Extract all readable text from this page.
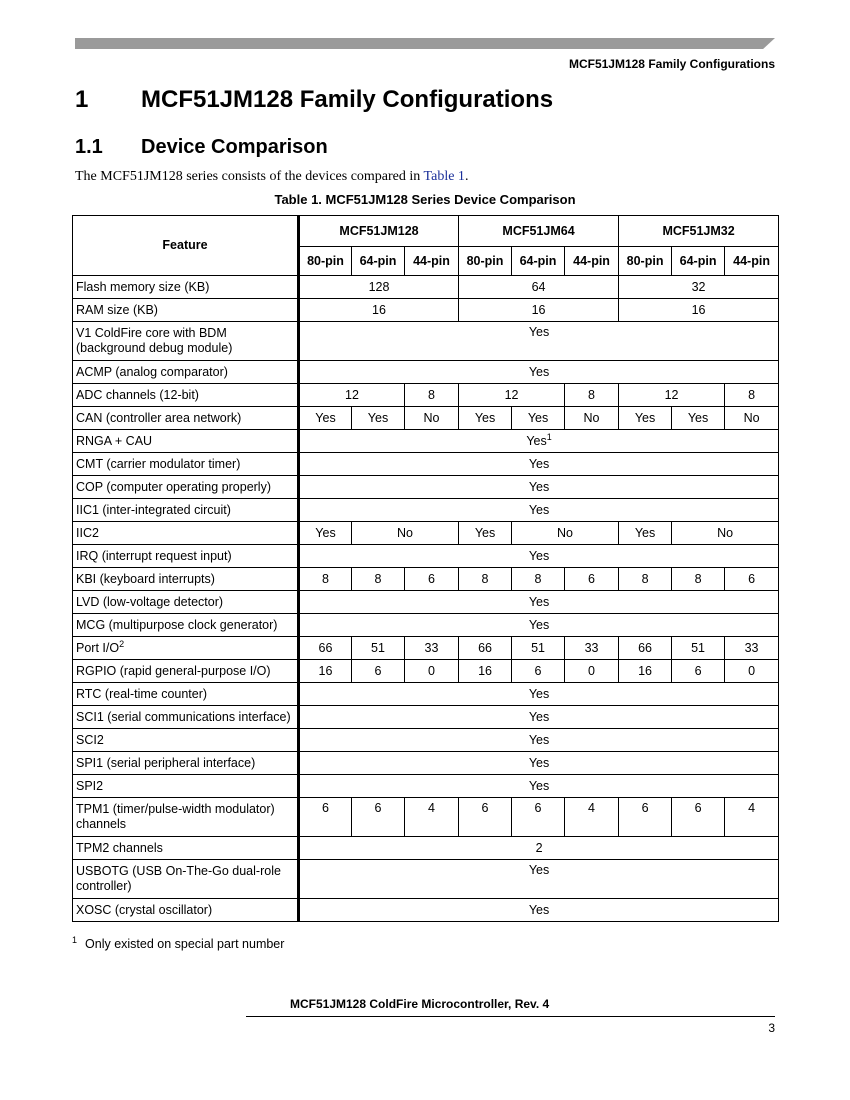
MCF51JM128 Family Configurations
1 MCF51JM128 Family Configurations
1.1 Device Comparison
The MCF51JM128 series consists of the devices compared in Table 1.
Table 1. MCF51JM128 Series Device Comparison
Feature	MCF51JM128			MCF51JM64			MCF51JM32		
	80-pin	64-pin	44-pin	80-pin	64-pin	44-pin	80-pin	64-pin	44-pin
Flash memory size (KB)	128			64			32		
RAM size (KB)	16			16			16		
V1 ColdFire core with BDM (background debug module)	Yes								
ACMP (analog comparator)	Yes								
ADC channels (12-bit)	12		8	12		8	12		8
CAN (controller area network)	Yes	Yes	No	Yes	Yes	No	Yes	Yes	No
RNGA + CAU	Yes$^1$
CMT (carrier modulator timer)	Yes								
COP (computer operating properly)	Yes								
IIC1 (inter-integrated circuit)	Yes								
IIC2	Yes	No		Yes	No		Yes	No	
IRQ (interrupt request input)	Yes								
KBI (keyboard interrupts)	8	8	6	8	8	6	8	8	6
LVD (low-voltage detector)	Yes								
MCG (multipurpose clock generator)	Yes								
Port $I/O^2$	66	51	33	66	51	33	66	51	33
RGPIO (rapid general-purpose I/O)	16	6	0	16	6	0	16	6	0
RTC (real-time counter)	Yes								
SCI1 (serial communications interface)	Yes								
SCI2	Yes								
SPI1 (serial peripheral interface)	Yes								
SPI2	Yes								
TPM1 (timer/pulse-width modulator) channels	6	6	4	6	6	4	6	6	4
TPM2 channels	2								
USBOTG (USB On-The-Go dual-role controller)	Yes								
XOSC (crystal oscillator)	Yes								
$^1$ Only existed on special part number
MCF51JM128 ColdFire Microcontroller, Rev. 4
3
